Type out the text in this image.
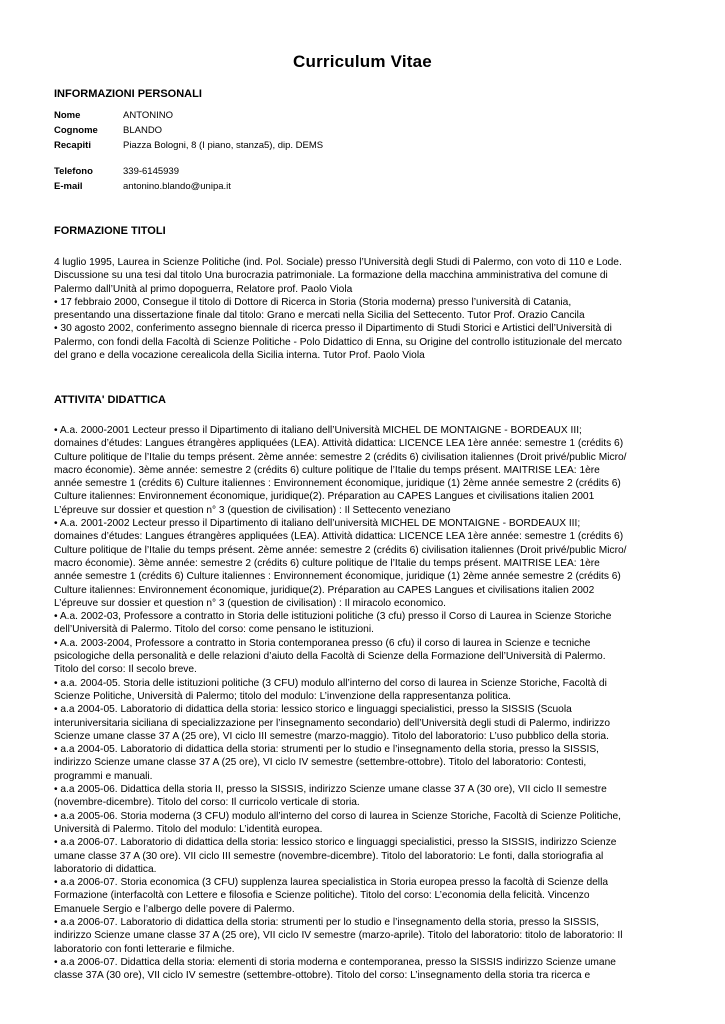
Curriculum Vitae
INFORMAZIONI PERSONALI
Nome	ANTONINO
Cognome	BLANDO
Recapiti	Piazza Bologni, 8 (I piano, stanza5), dip. DEMS
Telefono	339-6145939
E-mail	antonino.blando@unipa.it
FORMAZIONE TITOLI
4 luglio 1995, Laurea in Scienze Politiche (ind. Pol. Sociale) presso l’Università degli Studi di Palermo, con voto di 110 e Lode.
Discussione su una tesi dal titolo Una burocrazia patrimoniale. La formazione della macchina amministrativa del comune di
Palermo dall’Unità al primo dopoguerra, Relatore prof. Paolo Viola
• 17 febbraio 2000, Consegue il titolo di Dottore di Ricerca in Storia (Storia moderna) presso l’università di Catania,
presentando una dissertazione finale dal titolo: Grano e mercati nella Sicilia del Settecento. Tutor Prof. Orazio Cancila
• 30 agosto 2002, conferimento assegno biennale di ricerca presso il Dipartimento di Studi Storici e Artistici dell’Università di
Palermo, con fondi della Facoltà di Scienze Politiche - Polo Didattico di Enna, su Origine del controllo istituzionale del mercato
del grano e della vocazione cerealicola della Sicilia interna. Tutor Prof. Paolo Viola
ATTIVITA' DIDATTICA
• A.a. 2000-2001 Lecteur presso il Dipartimento di italiano dell’Università MICHEL DE MONTAIGNE - BORDEAUX III;
domaines d’études: Langues étrangères appliquées (LEA). Attività didattica: LICENCE LEA 1ère année: semestre 1 (crédits 6)
Culture politique de l’Italie du temps présent. 2ème année: semestre 2 (crédits 6) civilisation italiennes (Droit privé/public Micro/
macro économie). 3ème année: semestre 2 (crédits 6) culture politique de l’Italie du temps présent. MAITRISE LEA: 1ère
année semestre 1 (crédits 6) Culture italiennes : Environnement économique, juridique (1) 2ème année semestre 2 (crédits 6)
Culture italiennes: Environnement économique, juridique(2). Préparation au CAPES Langues et civilisations italien 2001
L’épreuve sur dossier et question n° 3 (question de civilisation) : Il Settecento veneziano
• A.a. 2001-2002 Lecteur presso il Dipartimento di italiano dell’università MICHEL DE MONTAIGNE - BORDEAUX III;
domaines d’études: Langues étrangères appliquées (LEA). Attività didattica: LICENCE LEA 1ère année: semestre 1 (crédits 6)
Culture politique de l’Italie du temps présent. 2ème année: semestre 2 (crédits 6) civilisation italiennes (Droit privé/public Micro/
macro économie). 3ème année: semestre 2 (crédits 6) culture politique de l’Italie du temps présent. MAITRISE LEA: 1ère
année semestre 1 (crédits 6) Culture italiennes : Environnement économique, juridique (1) 2ème année semestre 2 (crédits 6)
Culture italiennes: Environnement économique, juridique(2). Préparation au CAPES Langues et civilisations italien 2002
L’épreuve sur dossier et question n° 3 (question de civilisation) : Il miracolo economico.
• A.a. 2002-03, Professore a contratto in Storia delle istituzioni politiche (3 cfu) presso il Corso di Laurea in Scienze Storiche
dell’Università di Palermo. Titolo del corso: come pensano le istituzioni.
• A.a. 2003-2004, Professore a contratto in Storia contemporanea presso (6 cfu) il corso di laurea in Scienze e tecniche
psicologiche della personalità e delle relazioni d’aiuto della Facoltà di Scienze della Formazione dell’Università di Palermo.
Titolo del corso: Il secolo breve.
• a.a. 2004-05. Storia delle istituzioni politiche (3 CFU) modulo all’interno del corso di laurea in Scienze Storiche, Facoltà di
Scienze Politiche, Università di Palermo; titolo del modulo: L’invenzione della rappresentanza politica.
• a.a 2004-05. Laboratorio di didattica della storia: lessico storico e linguaggi specialistici, presso la SISSIS (Scuola
interuniversitaria siciliana di specializzazione per l’insegnamento secondario) dell’Università degli studi di Palermo, indirizzo
Scienze umane classe 37 A (25 ore), VI ciclo III semestre (marzo-maggio). Titolo del laboratorio: L’uso pubblico della storia.
• a.a 2004-05. Laboratorio di didattica della storia: strumenti per lo studio e l’insegnamento della storia, presso la SISSIS,
indirizzo Scienze umane classe 37 A (25 ore), VI ciclo IV semestre (settembre-ottobre). Titolo del laboratorio: Contesti,
programmi e manuali.
• a.a 2005-06. Didattica della storia II, presso la SISSIS, indirizzo Scienze umane classe 37 A (30 ore), VII ciclo II semestre
(novembre-dicembre). Titolo del corso: Il curricolo verticale di storia.
• a.a 2005-06. Storia moderna (3 CFU) modulo all’interno del corso di laurea in Scienze Storiche, Facoltà di Scienze Politiche,
Università di Palermo. Titolo del modulo: L’identità europea.
• a.a 2006-07. Laboratorio di didattica della storia: lessico storico e linguaggi specialistici, presso la SISSIS, indirizzo Scienze
umane classe 37 A (30 ore). VII ciclo III semestre (novembre-dicembre). Titolo del laboratorio: Le fonti, dalla storiografia al
laboratorio di didattica.
• a.a 2006-07. Storia economica (3 CFU) supplenza laurea specialistica in Storia europea presso la facoltà di Scienze della
Formazione (interfacoltà con Lettere e filosofia e Scienze politiche). Titolo del corso: L’economia della felicità. Vincenzo
Emanuele Sergio e l’albergo delle povere di Palermo.
• a.a 2006-07. Laboratorio di didattica della storia: strumenti per lo studio e l’insegnamento della storia, presso la SISSIS,
indirizzo Scienze umane classe 37 A (25 ore), VII ciclo IV semestre (marzo-aprile). Titolo del laboratorio: titolo de laboratorio: Il
laboratorio con fonti letterarie e filmiche.
• a.a 2006-07. Didattica della storia: elementi di storia moderna e contemporanea, presso la SISSIS indirizzo Scienze umane
classe 37A (30 ore), VII ciclo IV semestre (settembre-ottobre). Titolo del corso: L’insegnamento della storia tra ricerca e
